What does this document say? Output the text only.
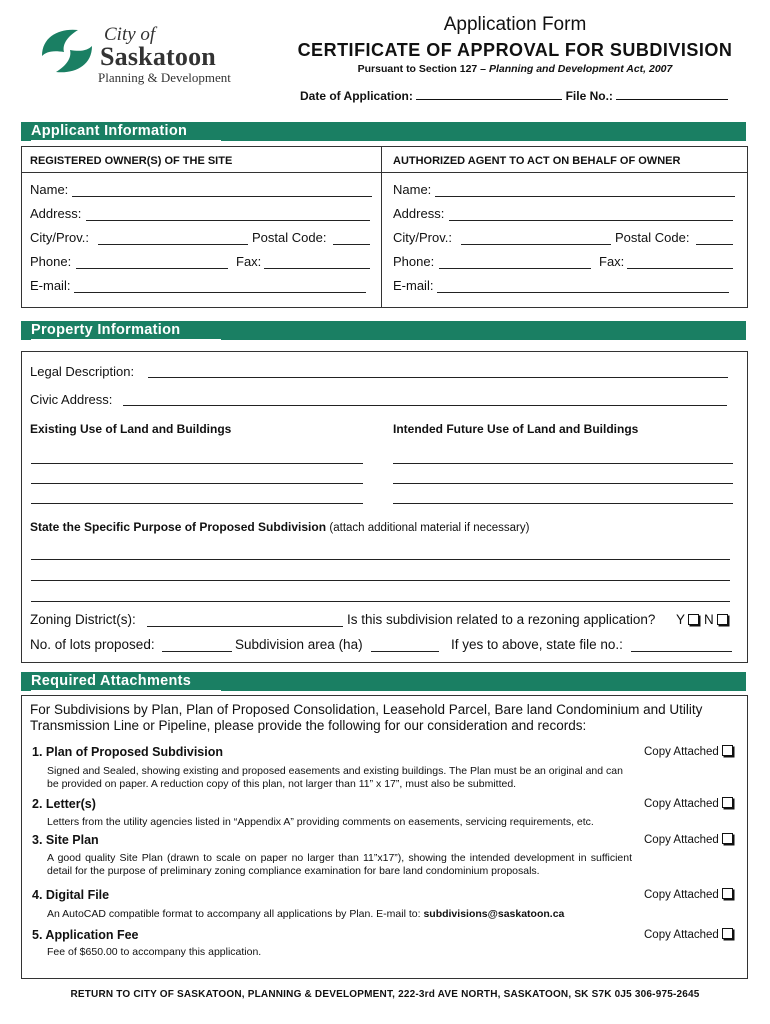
City of
Saskatoon
Planning & Development
Application Form
CERTIFICATE OF APPROVAL FOR SUBDIVISION
Pursuant to Section 127 – Planning and Development Act, 2007
Date of Application:	File No.:
Applicant Information
REGISTERED OWNER(S) OF THE SITE	AUTHORIZED AGENT TO ACT ON BEHALF OF OWNER
Name:
Address:
City/Prov.:	Postal Code:
Phone:	Fax:
E-mail:
Name:
Address:
City/Prov.:	Postal Code:
Phone:	Fax:
E-mail:
Property Information
Legal Description:
Civic Address:
Existing Use of Land and Buildings	Intended Future Use of Land and Buildings
State the Specific Purpose of Proposed Subdivision (attach additional material if necessary)
Zoning District(s):	Is this subdivision related to a rezoning application? Y	N
No. of lots proposed:	Subdivision area (ha)	If yes to above, state file no.:
Required Attachments
For Subdivisions by Plan, Plan of Proposed Consolidation, Leasehold Parcel, Bare land Condominium and Utility Transmission Line or Pipeline, please provide the following for our consideration and records:
1. Plan of Proposed Subdivision	Copy Attached
Signed and Sealed, showing existing and proposed easements and existing buildings. The Plan must be an original and can be provided on paper. A reduction copy of this plan, not larger than 11” x 17”, must also be submitted.
2. Letter(s)	Copy Attached
Letters from the utility agencies listed in “Appendix A” providing comments on easements, servicing requirements, etc.
3. Site Plan	Copy Attached
A good quality Site Plan (drawn to scale on paper no larger than 11”x17”), showing the intended development in sufficient detail for the purpose of preliminary zoning compliance examination for bare land condominium proposals.
4. Digital File	Copy Attached
An AutoCAD compatible format to accompany all applications by Plan. E-mail to: subdivisions@saskatoon.ca
5. Application Fee	Copy Attached
Fee of $650.00 to accompany this application.
RETURN TO CITY OF SASKATOON, PLANNING & DEVELOPMENT, 222-3rd AVE NORTH, SASKATOON, SK S7K 0J5 306-975-2645
